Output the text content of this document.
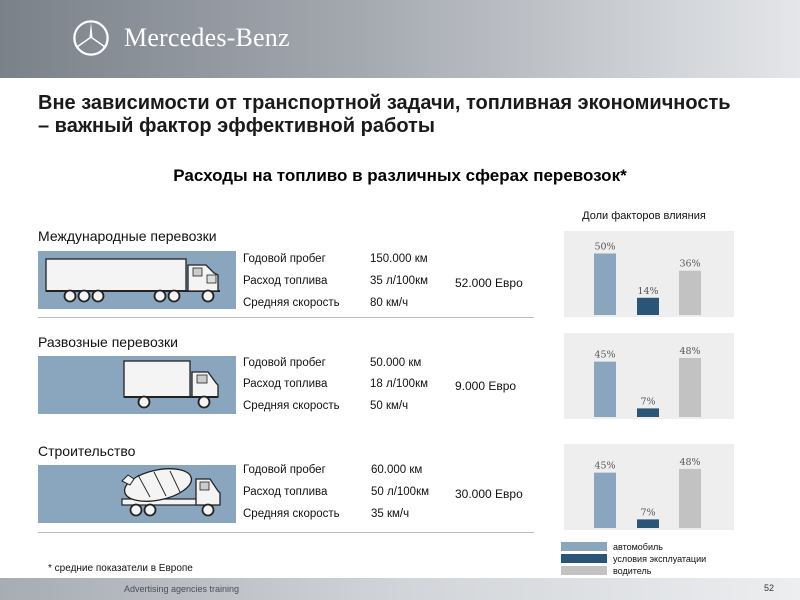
Mercedes-Benz
Вне зависимости от транспортной задачи, топливная экономичность – важный фактор эффективной работы
Расходы на топливо в различных сферах перевозок*
Доли факторов влияния
Международные перевозки
Годовой пробег	150.000 км
Расход топлива	35 л/100км
Средняя скорость	80 км/ч
52.000 Евро
50%
14%
36%
Развозные перевозки
Годовой пробег	50.000 км
Расход топлива	18 л/100км
Средняя скорость	50 км/ч
9.000 Евро
45%
7%
48%
Строительство
Годовой пробег	60.000 км
Расход топлива	50 л/100км
Средняя скорость	35 км/ч
30.000 Евро
45%
7%
48%
автомобиль
условия эксплуатации
водитель
* средние показатели в Европе
Advertising agencies training	52
